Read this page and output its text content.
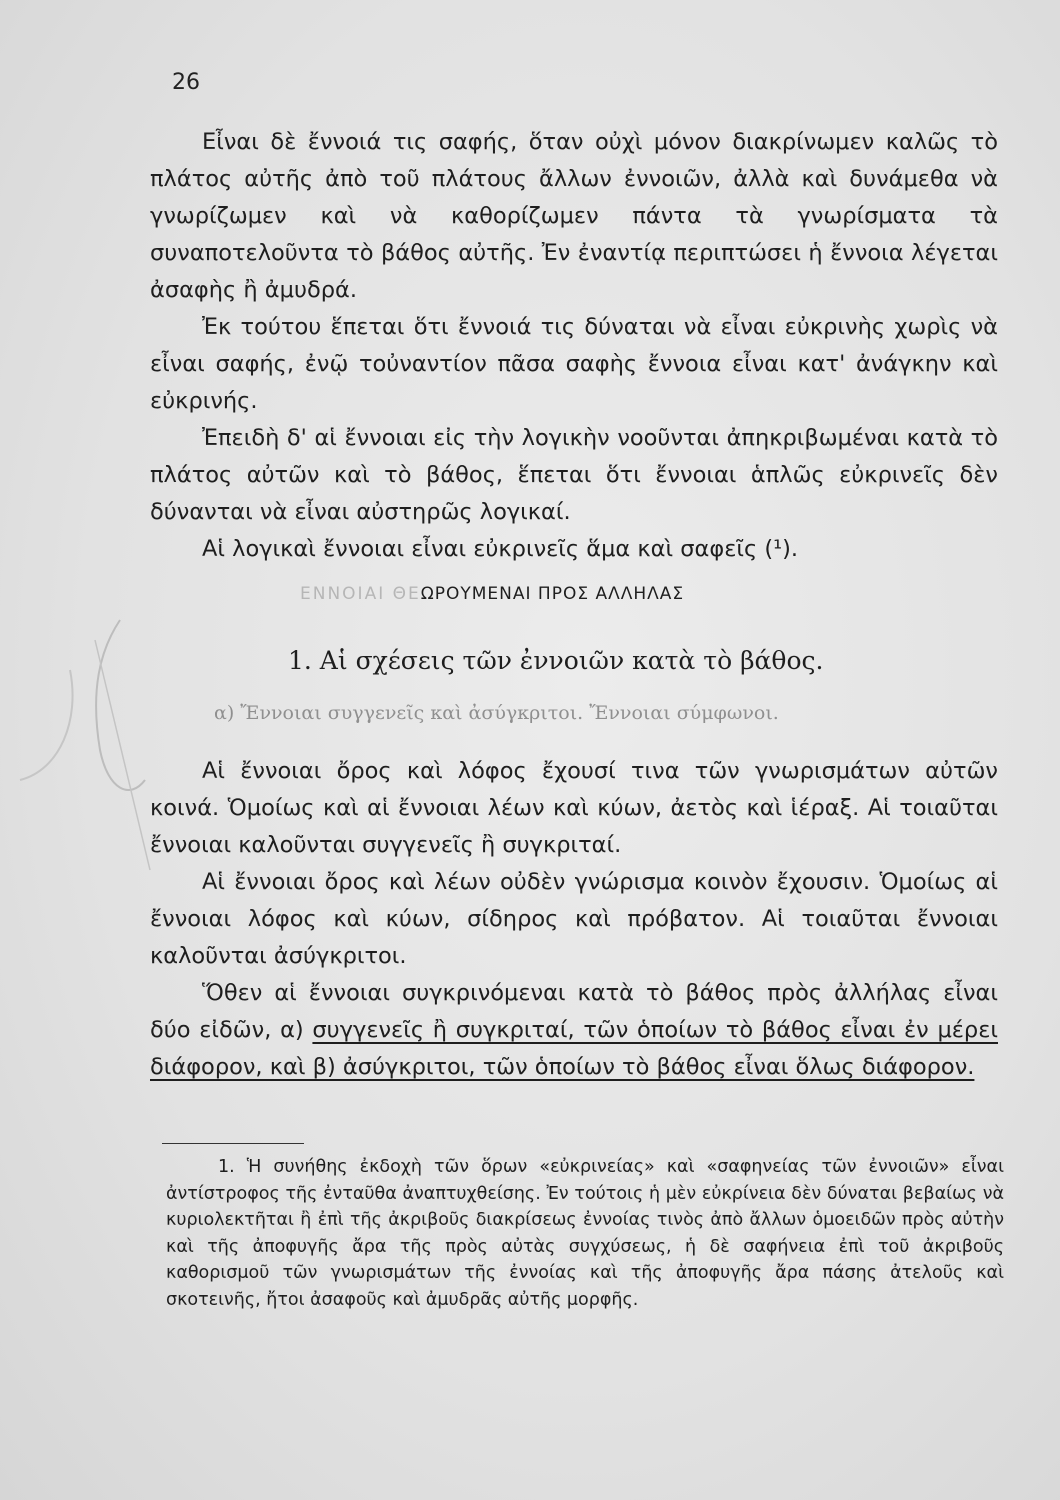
26

Εἶναι δὲ ἔννοιά τις σαφής, ὅταν οὐχὶ μόνον διακρίνωμεν καλῶς τὸ πλάτος αὐτῆς ἀπὸ τοῦ πλάτους ἄλλων ἐννοιῶν, ἀλλὰ καὶ δυνάμεθα νὰ γνωρίζωμεν καὶ νὰ καθορίζωμεν πάντα τὰ γνωρίσματα τὰ συναποτελοῦντα τὸ βάθος αὐτῆς. Ἐν ἐναντίᾳ περιπτώσει ἡ ἔννοια λέγεται ἀσαφὴς ἢ ἀμυδρά.

Ἐκ τούτου ἕπεται ὅτι ἔννοιά τις δύναται νὰ εἶναι εὐκρινὴς χωρὶς νὰ εἶναι σαφής, ἐνῷ τοὐναντίον πᾶσα σαφὴς ἔννοια εἶναι κατ' ἀνάγκην καὶ εὐκρινής.

Ἐπειδὴ δ' αἱ ἔννοιαι εἰς τὴν λογικὴν νοοῦνται ἀπηκριβωμέναι κατὰ τὸ πλάτος αὐτῶν καὶ τὸ βάθος, ἕπεται ὅτι ἔννοιαι ἁπλῶς εὐκρινεῖς δὲν δύνανται νὰ εἶναι αὐστηρῶς λογικαί.

Αἱ λογικαὶ ἔννοιαι εἶναι εὐκρινεῖς ἅμα καὶ σαφεῖς (¹).

ΕΝΝΟΙΑΙ ΘΕΩΡΟΥΜΕΝΑΙ ΠΡΟΣ ΑΛΛΗΛΑΣ
1. Αἱ σχέσεις τῶν ἐννοιῶν κατὰ τὸ βάθος.
α) Ἔννοιαι συγγενεῖς καὶ ἀσύγκριτοι. Ἔννοιαι σύμφωνοι.

Αἱ ἔννοιαι ὄρος καὶ λόφος ἔχουσί τινα τῶν γνωρισμάτων αὐτῶν κοινά. Ὁμοίως καὶ αἱ ἔννοιαι λέων καὶ κύων, ἀετὸς καὶ ἱέραξ. Αἱ τοιαῦται ἔννοιαι καλοῦνται συγγενεῖς ἢ συγκριταί.

Αἱ ἔννοιαι ὄρος καὶ λέων οὐδὲν γνώρισμα κοινὸν ἔχουσιν. Ὁμοίως αἱ ἔννοιαι λόφος καὶ κύων, σίδηρος καὶ πρόβατον. Αἱ τοιαῦται ἔννοιαι καλοῦνται ἀσύγκριτοι.

Ὅθεν αἱ ἔννοιαι συγκρινόμεναι κατὰ τὸ βάθος πρὸς ἀλλήλας εἶναι δύο εἰδῶν, α) συγγενεῖς ἢ συγκριταί, τῶν ὁποίων τὸ βάθος εἶναι ἐν μέρει διάφορον, καὶ β) ἀσύγκριτοι, τῶν ὁποίων τὸ βάθος εἶναι ὅλως διάφορον.

1. Ἡ συνήθης ἐκδοχὴ τῶν ὅρων «εὐκρινείας» καὶ «σαφηνείας τῶν ἐννοιῶν» εἶναι ἀντίστροφος τῆς ἐνταῦθα ἀναπτυχθείσης. Ἐν τούτοις ἡ μὲν εὐκρίνεια δὲν δύναται βεβαίως νὰ κυριολεκτῆται ἢ ἐπὶ τῆς ἀκριβοῦς διακρίσεως ἐννοίας τινὸς ἀπὸ ἄλλων ὁμοειδῶν πρὸς αὐτὴν καὶ τῆς ἀποφυγῆς ἄρα τῆς πρὸς αὐτὰς συγχύσεως, ἡ δὲ σαφήνεια ἐπὶ τοῦ ἀκριβοῦς καθορισμοῦ τῶν γνωρισμάτων τῆς ἐννοίας καὶ τῆς ἀποφυγῆς ἄρα πάσης ἀτελοῦς καὶ σκοτεινῆς, ἤτοι ἀσαφοῦς καὶ ἀμυδρᾶς αὐτῆς μορφῆς.
